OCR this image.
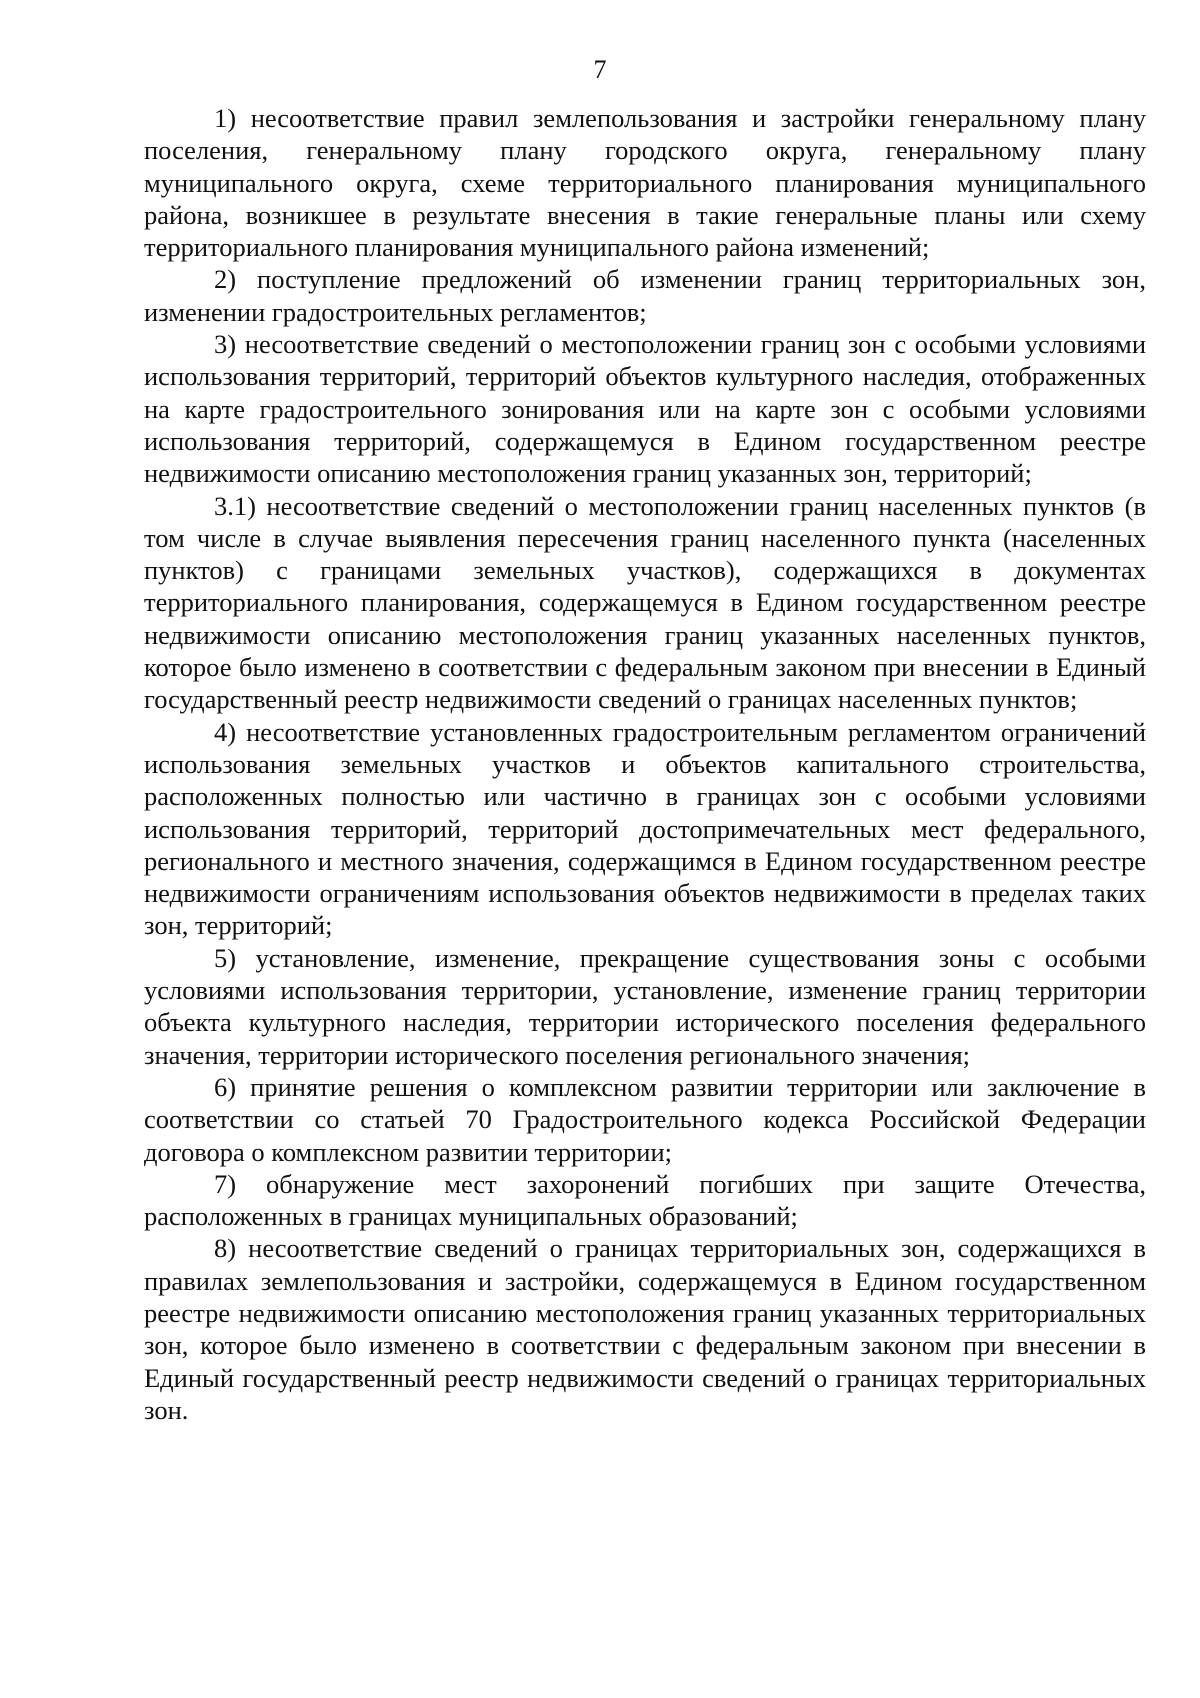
7

1) несоответствие правил землепользования и застройки генеральному плану поселения, генеральному плану городского округа, генеральному плану муниципального округа, схеме территориального планирования муниципального района, возникшее в результате внесения в такие генеральные планы или схему территориального планирования муниципального района изменений;

2) поступление предложений об изменении границ территориальных зон, изменении градостроительных регламентов;

3) несоответствие сведений о местоположении границ зон с особыми условиями использования территорий, территорий объектов культурного наследия, отображенных на карте градостроительного зонирования или на карте зон с особыми условиями использования территорий, содержащемуся в Едином государственном реестре недвижимости описанию местоположения границ указанных зон, территорий;

3.1) несоответствие сведений о местоположении границ населенных пунктов (в том числе в случае выявления пересечения границ населенного пункта (населенных пунктов) с границами земельных участков), содержащихся в документах территориального планирования, содержащемуся в Едином государственном реестре недвижимости описанию местоположения границ указанных населенных пунктов, которое было изменено в соответствии с федеральным законом при внесении в Единый государственный реестр недвижимости сведений о границах населенных пунктов;

4) несоответствие установленных градостроительным регламентом ограничений использования земельных участков и объектов капитального строительства, расположенных полностью или частично в границах зон с особыми условиями использования территорий, территорий достопримечательных мест федерального, регионального и местного значения, содержащимся в Едином государственном реестре недвижимости ограничениям использования объектов недвижимости в пределах таких зон, территорий;

5) установление, изменение, прекращение существования зоны с особыми условиями использования территории, установление, изменение границ территории объекта культурного наследия, территории исторического поселения федерального значения, территории исторического поселения регионального значения;

6) принятие решения о комплексном развитии территории или заключение в соответствии со статьей 70 Градостроительного кодекса Российской Федерации договора о комплексном развитии территории;

7) обнаружение мест захоронений погибших при защите Отечества, расположенных в границах муниципальных образований;

8) несоответствие сведений о границах территориальных зон, содержащихся в правилах землепользования и застройки, содержащемуся в Едином государственном реестре недвижимости описанию местоположения границ указанных территориальных зон, которое было изменено в соответствии с федеральным законом при внесении в Единый государственный реестр недвижимости сведений о границах территориальных зон.
